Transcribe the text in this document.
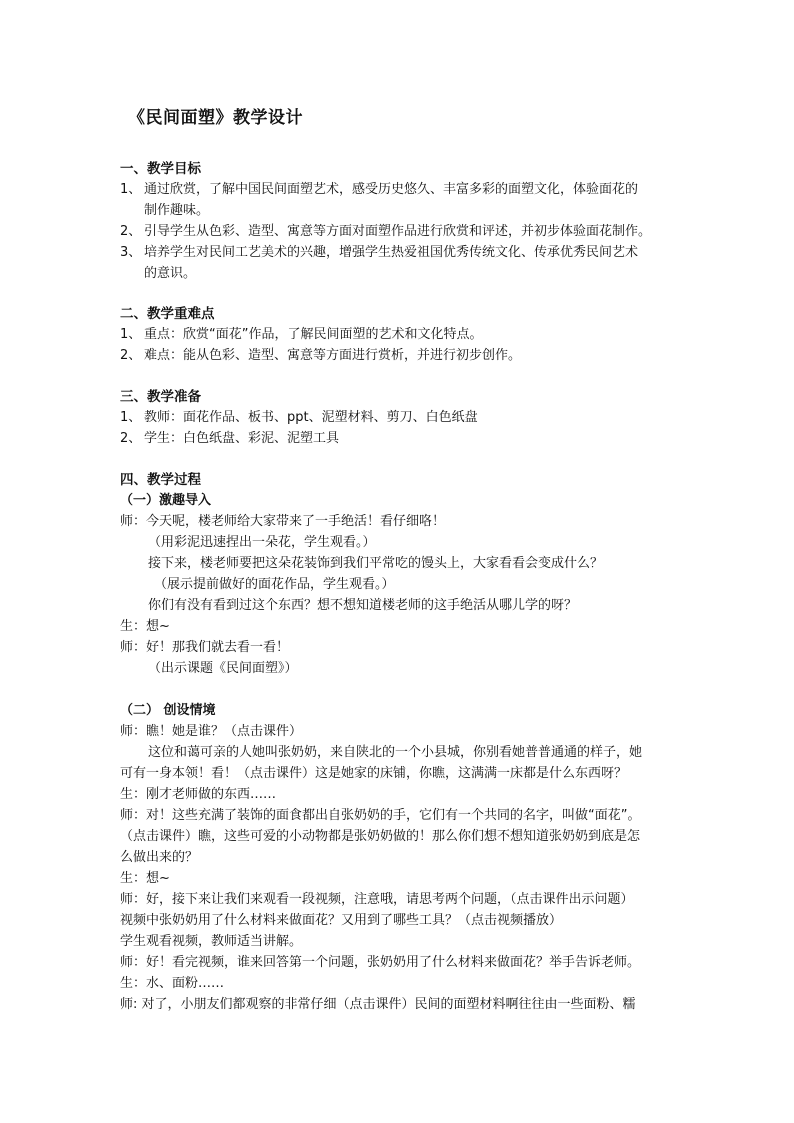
《民间面塑》教学设计
一、教学目标
1、 通过欣赏，了解中国民间面塑艺术，感受历史悠久、丰富多彩的面塑文化，体验面花的
制作趣味。
2、 引导学生从色彩、造型、寓意等方面对面塑作品进行欣赏和评述，并初步体验面花制作。
3、 培养学生对民间工艺美术的兴趣，增强学生热爱祖国优秀传统文化、传承优秀民间艺术
的意识。
二、教学重难点
1、 重点：欣赏“面花”作品，了解民间面塑的艺术和文化特点。
2、 难点：能从色彩、造型、寓意等方面进行赏析，并进行初步创作。
三、教学准备
1、 教师：面花作品、板书、ppt、泥塑材料、剪刀、白色纸盘
2、 学生：白色纸盘、彩泥、泥塑工具
四、教学过程
（一）激趣导入
师：今天呢，楼老师给大家带来了一手绝活！看仔细咯！
（用彩泥迅速捏出一朵花，学生观看。）
接下来，楼老师要把这朵花装饰到我们平常吃的馒头上，大家看看会变成什么？
（展示提前做好的面花作品，学生观看。）
你们有没有看到过这个东西？想不想知道楼老师的这手绝活从哪儿学的呀？
生：想~
师：好！那我们就去看一看！
（出示课题《民间面塑》）
（二） 创设情境
师：瞧！她是谁？（点击课件）
这位和蔼可亲的人她叫张奶奶，来自陕北的一个小县城，你别看她普普通通的样子，她
可有一身本领！看！（点击课件）这是她家的床铺，你瞧，这满满一床都是什么东西呀？
生：刚才老师做的东西……
师：对！这些充满了装饰的面食都出自张奶奶的手，它们有一个共同的名字，叫做“面花”。
（点击课件）瞧，这些可爱的小动物都是张奶奶做的！那么你们想不想知道张奶奶到底是怎
么做出来的？
生：想~
师：好，接下来让我们来观看一段视频，注意哦，请思考两个问题，（点击课件出示问题）
视频中张奶奶用了什么材料来做面花？又用到了哪些工具？（点击视频播放）
学生观看视频，教师适当讲解。
师：好！看完视频，谁来回答第一个问题，张奶奶用了什么材料来做面花？举手告诉老师。
生：水、面粉……
师: 对了，小朋友们都观察的非常仔细（点击课件）民间的面塑材料啊往往由一些面粉、糯
